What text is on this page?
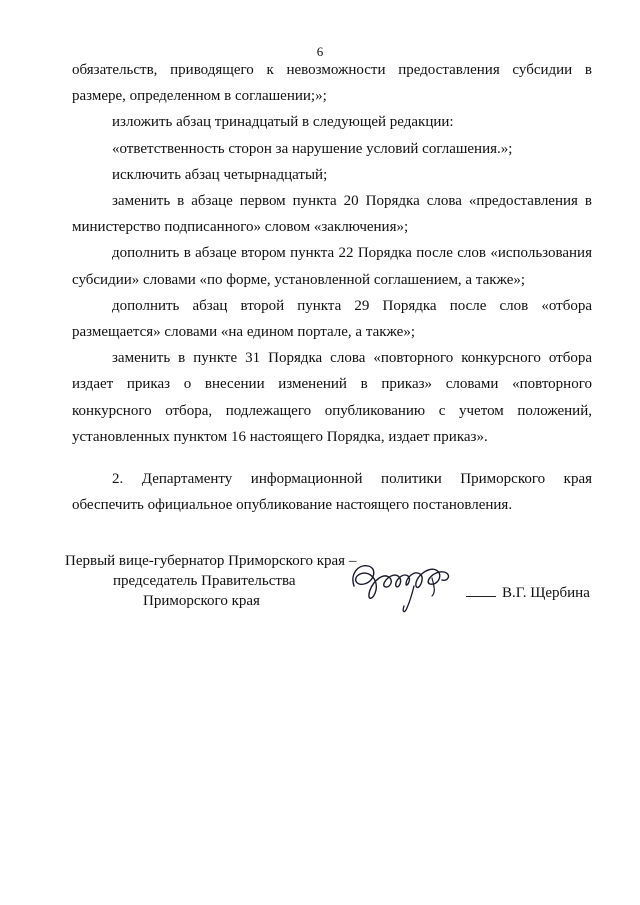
6

обязательств, приводящего к невозможности предоставления субсидии в размере, определенном в соглашении;»;

изложить абзац тринадцатый в следующей редакции:

«ответственность сторон за нарушение условий соглашения.»;

исключить абзац четырнадцатый;

заменить в абзаце первом пункта 20 Порядка слова «предоставления в министерство подписанного» словом «заключения»;

дополнить в абзаце втором пункта 22 Порядка после слов «использования субсидии» словами «по форме, установленной соглашением, а также»;

дополнить абзац второй пункта 29 Порядка после слов «отбора размещается» словами «на едином портале, а также»;

заменить в пункте 31 Порядка слова «повторного конкурсного отбора издает приказ о внесении изменений в приказ» словами «повторного конкурсного отбора, подлежащего опубликованию с учетом положений, установленных пунктом 16 настоящего Порядка, издает приказ».

2. Департаменту информационной политики Приморского края обеспечить официальное опубликование настоящего постановления.

Первый вице-губернатор Приморского края –
председатель Правительства
Приморского края	В.Г. Щербина
